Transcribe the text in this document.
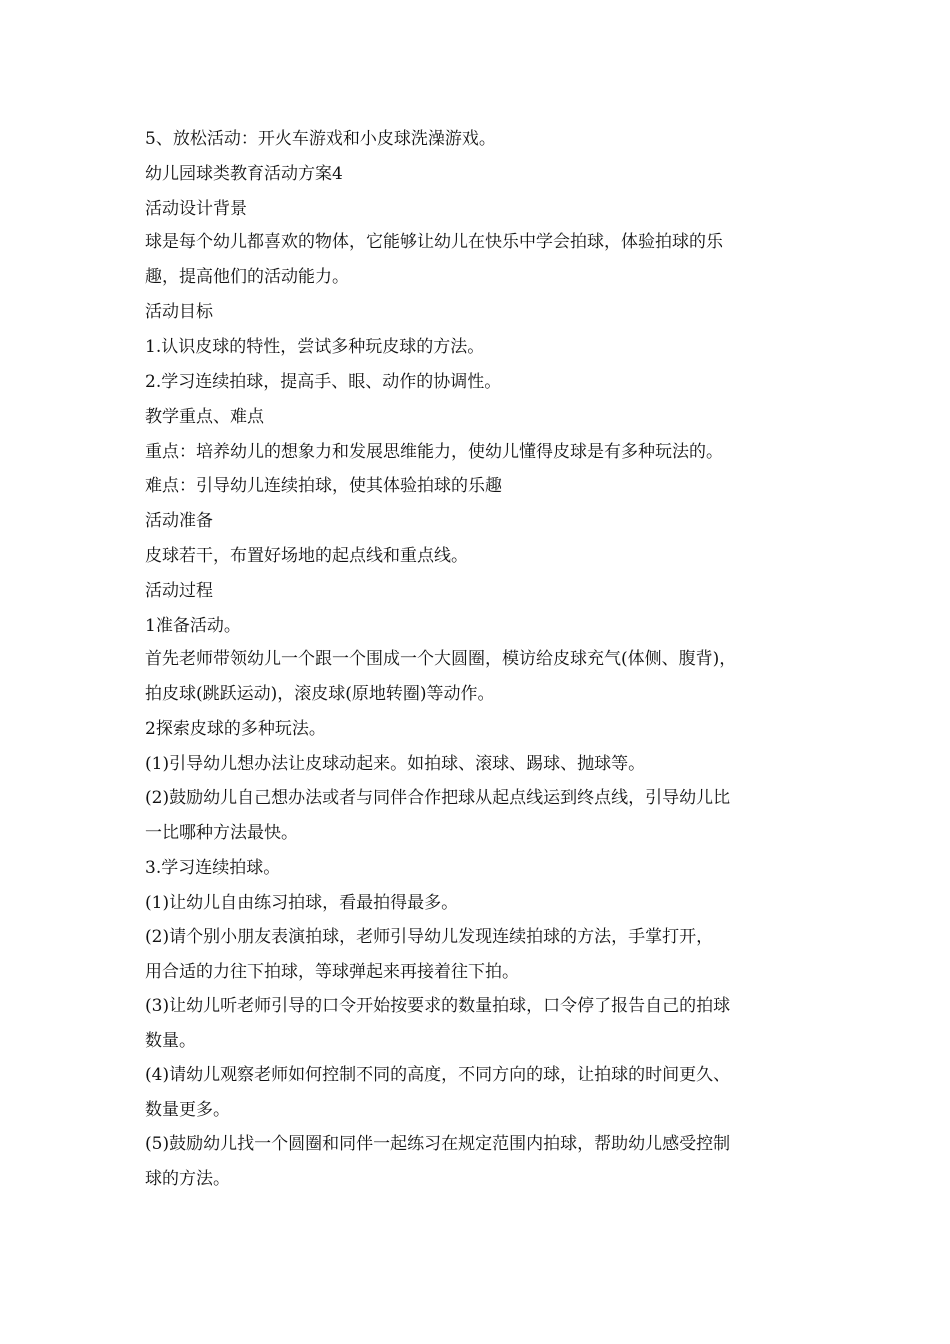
5、放松活动：开火车游戏和小皮球洗澡游戏。
幼儿园球类教育活动方案4
活动设计背景
球是每个幼儿都喜欢的物体，它能够让幼儿在快乐中学会拍球，体验拍球的乐
趣，提高他们的活动能力。
活动目标
1.认识皮球的特性，尝试多种玩皮球的方法。
2.学习连续拍球，提高手、眼、动作的协调性。
教学重点、难点
重点：培养幼儿的想象力和发展思维能力，使幼儿懂得皮球是有多种玩法的。
难点：引导幼儿连续拍球，使其体验拍球的乐趣
活动准备
皮球若干，布置好场地的起点线和重点线。
活动过程
1准备活动。
首先老师带领幼儿一个跟一个围成一个大圆圈，模访给皮球充气(体侧、腹背)，
拍皮球(跳跃运动)，滚皮球(原地转圈)等动作。
2探索皮球的多种玩法。
(1)引导幼儿想办法让皮球动起来。如拍球、滚球、踢球、抛球等。
(2)鼓励幼儿自己想办法或者与同伴合作把球从起点线运到终点线，引导幼儿比
一比哪种方法最快。
3.学习连续拍球。
(1)让幼儿自由练习拍球，看最拍得最多。
(2)请个别小朋友表演拍球，老师引导幼儿发现连续拍球的方法，手掌打开，
用合适的力往下拍球，等球弹起来再接着往下拍。
(3)让幼儿听老师引导的口令开始按要求的数量拍球，口令停了报告自己的拍球
数量。
(4)请幼儿观察老师如何控制不同的高度，不同方向的球，让拍球的时间更久、
数量更多。
(5)鼓励幼儿找一个圆圈和同伴一起练习在规定范围内拍球，帮助幼儿感受控制
球的方法。
